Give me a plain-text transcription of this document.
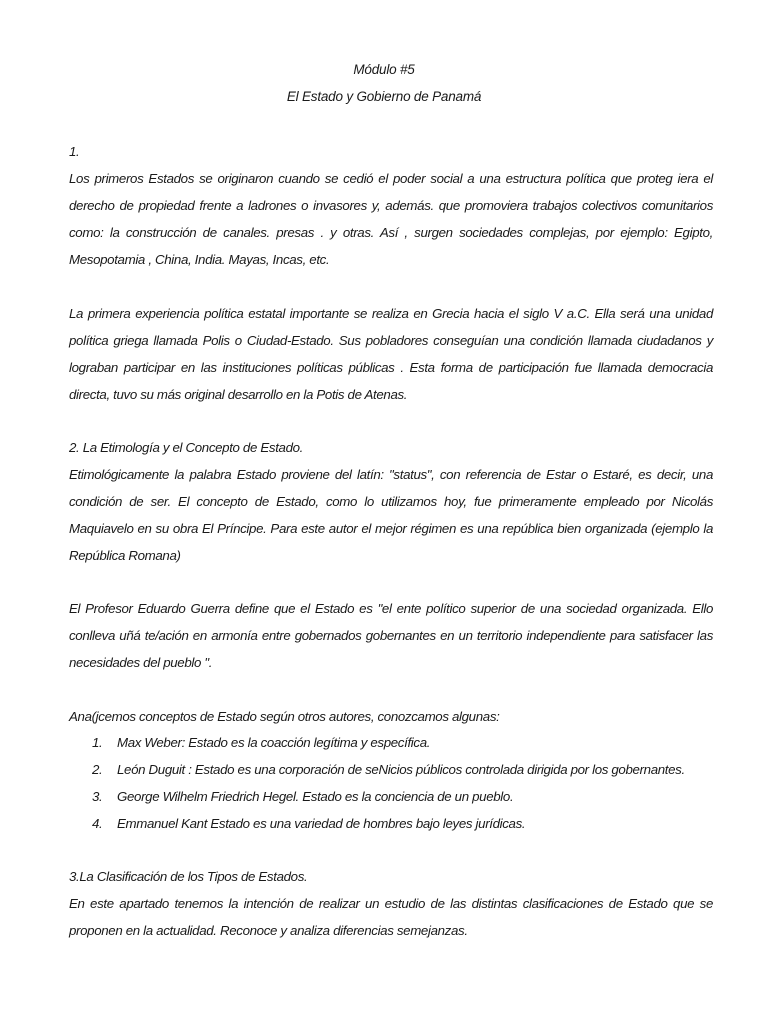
Módulo #5
El Estado y Gobierno de Panamá
1.

Los primeros Estados se originaron cuando se cedió el poder social a una estructura política que proteg iera el derecho de propiedad frente a ladrones o invasores y, además. que promoviera trabajos colectivos comunitarios como: la construcción de canales. presas . y otras. Así , surgen sociedades complejas, por ejemplo: Egipto, Mesopotamia , China, India. Mayas, Incas, etc.

La primera experiencia política estatal importante se realiza en Grecia hacia el siglo V a.C. Ella será una unidad política griega llamada Polis o Ciudad-Estado. Sus pobladores conseguían una condición llamada ciudadanos y lograban participar en las instituciones políticas públicas . Esta forma de participación fue llamada democracia directa, tuvo su más original desarrollo en la Potis de Atenas.

2. La Etimología y el Concepto de Estado.

Etimológicamente la palabra Estado proviene del latín: "status", con referencia de Estar o Estaré, es decir, una condición de ser. El concepto de Estado, como lo utilizamos hoy, fue primeramente empleado por Nicolás Maquiavelo en su obra El Príncipe. Para este autor el mejor régimen es una república bien organizada (ejemplo la República Romana)

El Profesor Eduardo Guerra define que el Estado es "el ente político superior de una sociedad organizada. Ello conlleva uñá te/ación en armonía entre gobernados gobernantes en un territorio independiente para satisfacer las necesidades del pueblo ".

Ana(jcemos conceptos de Estado según otros autores, conozcamos algunas:
1. Max Weber: Estado es la coacción legítima y específica.
2. León Duguit : Estado es una corporación de seNicios públicos controlada dirigida por los gobernantes.
3. George Wilhelm Friedrich Hegel. Estado es la conciencia de un pueblo.
4. Emmanuel Kant Estado es una variedad de hombres bajo leyes jurídicas.
3.La Clasificación de los Tipos de Estados.

En este apartado tenemos la intención de realizar un estudio de las distintas clasificaciones de Estado que se proponen en la actualidad. Reconoce y analiza diferencias semejanzas.
